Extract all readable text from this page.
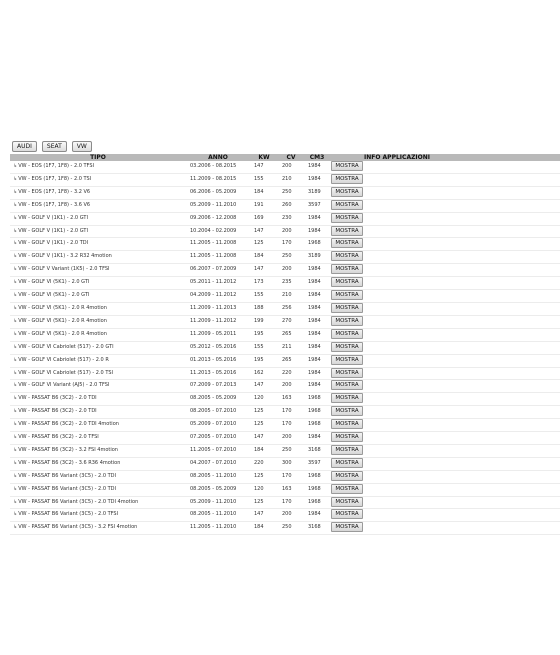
AUDI	SEAT	VW
TIPO	ANNO	KW	CV	CM3	INFO APPLICAZIONI
↳VW - EOS (1F7, 1F8) - 2.0 TFSI	03.2006 - 08.2015	147	200	1984	MOSTRA
↳VW - EOS (1F7, 1F8) - 2.0 TSI	11.2009 - 08.2015	155	210	1984	MOSTRA
↳VW - EOS (1F7, 1F8) - 3.2 V6	06.2006 - 05.2009	184	250	3189	MOSTRA
↳VW - EOS (1F7, 1F8) - 3.6 V6	05.2009 - 11.2010	191	260	3597	MOSTRA
↳VW - GOLF V (1K1) - 2.0 GTI	09.2006 - 12.2008	169	230	1984	MOSTRA
↳VW - GOLF V (1K1) - 2.0 GTI	10.2004 - 02.2009	147	200	1984	MOSTRA
↳VW - GOLF V (1K1) - 2.0 TDI	11.2005 - 11.2008	125	170	1968	MOSTRA
↳VW - GOLF V (1K1) - 3.2 R32 4motion	11.2005 - 11.2008	184	250	3189	MOSTRA
↳VW - GOLF V Variant (1K5) - 2.0 TFSI	06.2007 - 07.2009	147	200	1984	MOSTRA
↳VW - GOLF VI (5K1) - 2.0 GTI	05.2011 - 11.2012	173	235	1984	MOSTRA
↳VW - GOLF VI (5K1) - 2.0 GTI	04.2009 - 11.2012	155	210	1984	MOSTRA
↳VW - GOLF VI (5K1) - 2.0 R 4motion	11.2009 - 11.2013	188	256	1984	MOSTRA
↳VW - GOLF VI (5K1) - 2.0 R 4motion	11.2009 - 11.2012	199	270	1984	MOSTRA
↳VW - GOLF VI (5K1) - 2.0 R 4motion	11.2009 - 05.2011	195	265	1984	MOSTRA
↳VW - GOLF VI Cabriolet (517) - 2.0 GTI	05.2012 - 05.2016	155	211	1984	MOSTRA
↳VW - GOLF VI Cabriolet (517) - 2.0 R	01.2013 - 05.2016	195	265	1984	MOSTRA
↳VW - GOLF VI Cabriolet (517) - 2.0 TSI	11.2013 - 05.2016	162	220	1984	MOSTRA
↳VW - GOLF VI Variant (AJ5) - 2.0 TFSI	07.2009 - 07.2013	147	200	1984	MOSTRA
↳VW - PASSAT B6 (3C2) - 2.0 TDI	08.2005 - 05.2009	120	163	1968	MOSTRA
↳VW - PASSAT B6 (3C2) - 2.0 TDI	08.2005 - 07.2010	125	170	1968	MOSTRA
↳VW - PASSAT B6 (3C2) - 2.0 TDI 4motion	05.2009 - 07.2010	125	170	1968	MOSTRA
↳VW - PASSAT B6 (3C2) - 2.0 TFSI	07.2005 - 07.2010	147	200	1984	MOSTRA
↳VW - PASSAT B6 (3C2) - 3.2 FSI 4motion	11.2005 - 07.2010	184	250	3168	MOSTRA
↳VW - PASSAT B6 (3C2) - 3.6 R36 4motion	04.2007 - 07.2010	220	300	3597	MOSTRA
↳VW - PASSAT B6 Variant (3C5) - 2.0 TDI	08.2005 - 11.2010	125	170	1968	MOSTRA
↳VW - PASSAT B6 Variant (3C5) - 2.0 TDI	08.2005 - 05.2009	120	163	1968	MOSTRA
↳VW - PASSAT B6 Variant (3C5) - 2.0 TDI 4motion	05.2009 - 11.2010	125	170	1968	MOSTRA
↳VW - PASSAT B6 Variant (3C5) - 2.0 TFSI	08.2005 - 11.2010	147	200	1984	MOSTRA
↳VW - PASSAT B6 Variant (3C5) - 3.2 FSI 4motion	11.2005 - 11.2010	184	250	3168	MOSTRA
